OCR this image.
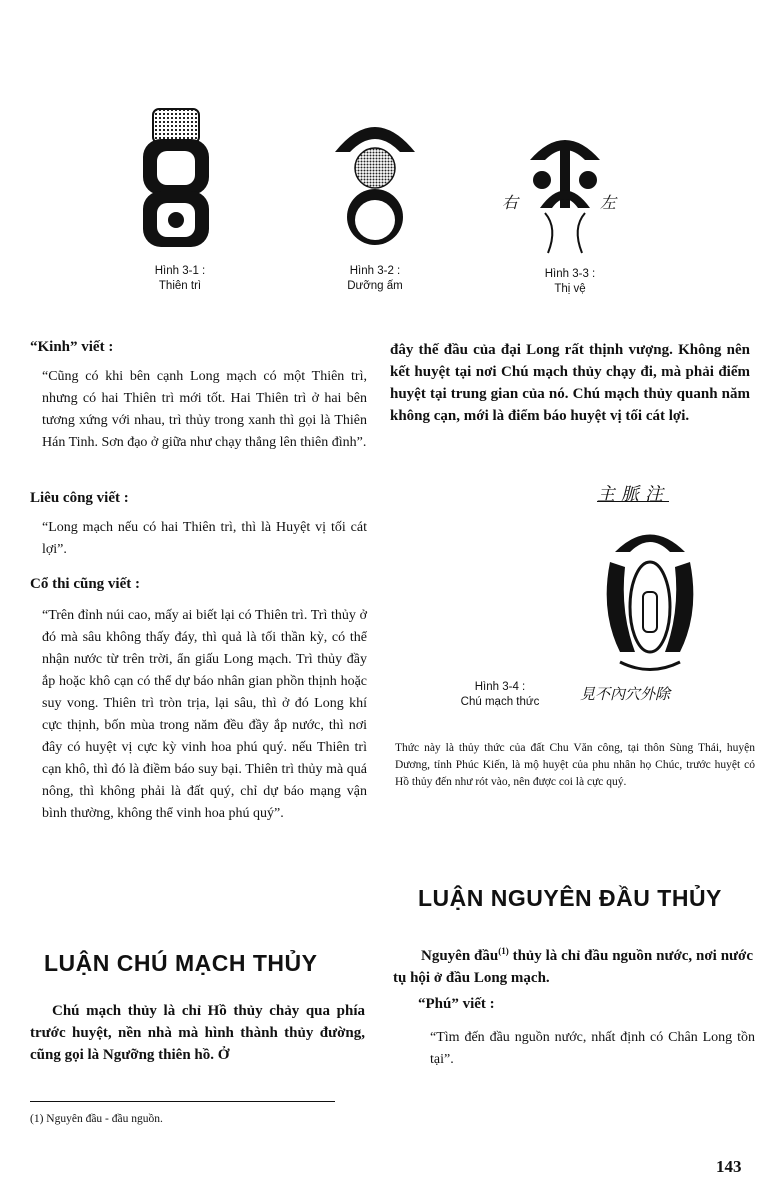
Hình 3-1 :
Thiên trì
Hình 3-2 :
Dưỡng ấm
右	左
Hình 3-3 :
Thị vệ
“Kinh” viết :
“Cũng có khi bên cạnh Long mạch có một Thiên trì, nhưng có hai Thiên trì mới tốt. Hai Thiên trì ở hai bên tương xứng với nhau, trì thủy trong xanh thì gọi là Thiên Hán Tinh. Sơn đạo ở giữa như chạy thẳng lên thiên đình”.
Liêu công viết :
“Long mạch nếu có hai Thiên trì, thì là Huyệt vị tối cát lợi”.
Cổ thi cũng viết :
“Trên đỉnh núi cao, mấy ai biết lại có Thiên trì. Trì thủy ở đó mà sâu không thấy đáy, thì quả là tối thần kỳ, có thể nhận nước từ trên trời, ẩn giấu Long mạch. Trì thủy đầy ắp hoặc khô cạn có thể dự báo nhân gian phồn thịnh hoặc suy vong. Thiên trì tròn trịa, lại sâu, thì ở đó Long khí cực thịnh, bốn mùa trong năm đều đầy ắp nước, thì nơi đây có huyệt vị cực kỳ vinh hoa phú quý. nếu Thiên trì cạn khô, thì đó là điềm báo suy bại. Thiên trì thủy mà quá nông, thì không phải là đất quý, chỉ dự báo mạng vận bình thường, không thể vinh hoa phú quý”.
LUẬN CHÚ MẠCH THỦY
Chú mạch thủy là chỉ Hồ thủy chảy qua phía trước huyệt, nền nhà mà hình thành thủy đường, cũng gọi là Ngưỡng thiên hồ. Ở
đây thế đầu của đại Long rất thịnh vượng. Không nên kết huyệt tại nơi Chú mạch thủy chạy đi, mà phải điểm huyệt tại trung gian của nó. Chú mạch thủy quanh năm không cạn, mới là điểm báo huyệt vị tối cát lợi.
主脈注
見不內穴外除
Hình 3-4 :
Chú mạch thức
Thức này là thủy thức của đất Chu Văn công, tại thôn Sùng Thái, huyện Dương, tỉnh Phúc Kiến, là mộ huyệt của phu nhân họ Chúc, trước huyệt có Hồ thủy đến như rót vào, nên được coi là cực quý.
LUẬN NGUYÊN ĐẦU THỦY
Nguyên đầu$^{(1)}$ thủy là chỉ đầu nguồn nước, nơi nước tụ hội ở đầu Long mạch.
“Phú” viết :
“Tìm đến đầu nguồn nước, nhất định có Chân Long tồn tại”.
(1) Nguyên đầu - đầu nguồn.
143
